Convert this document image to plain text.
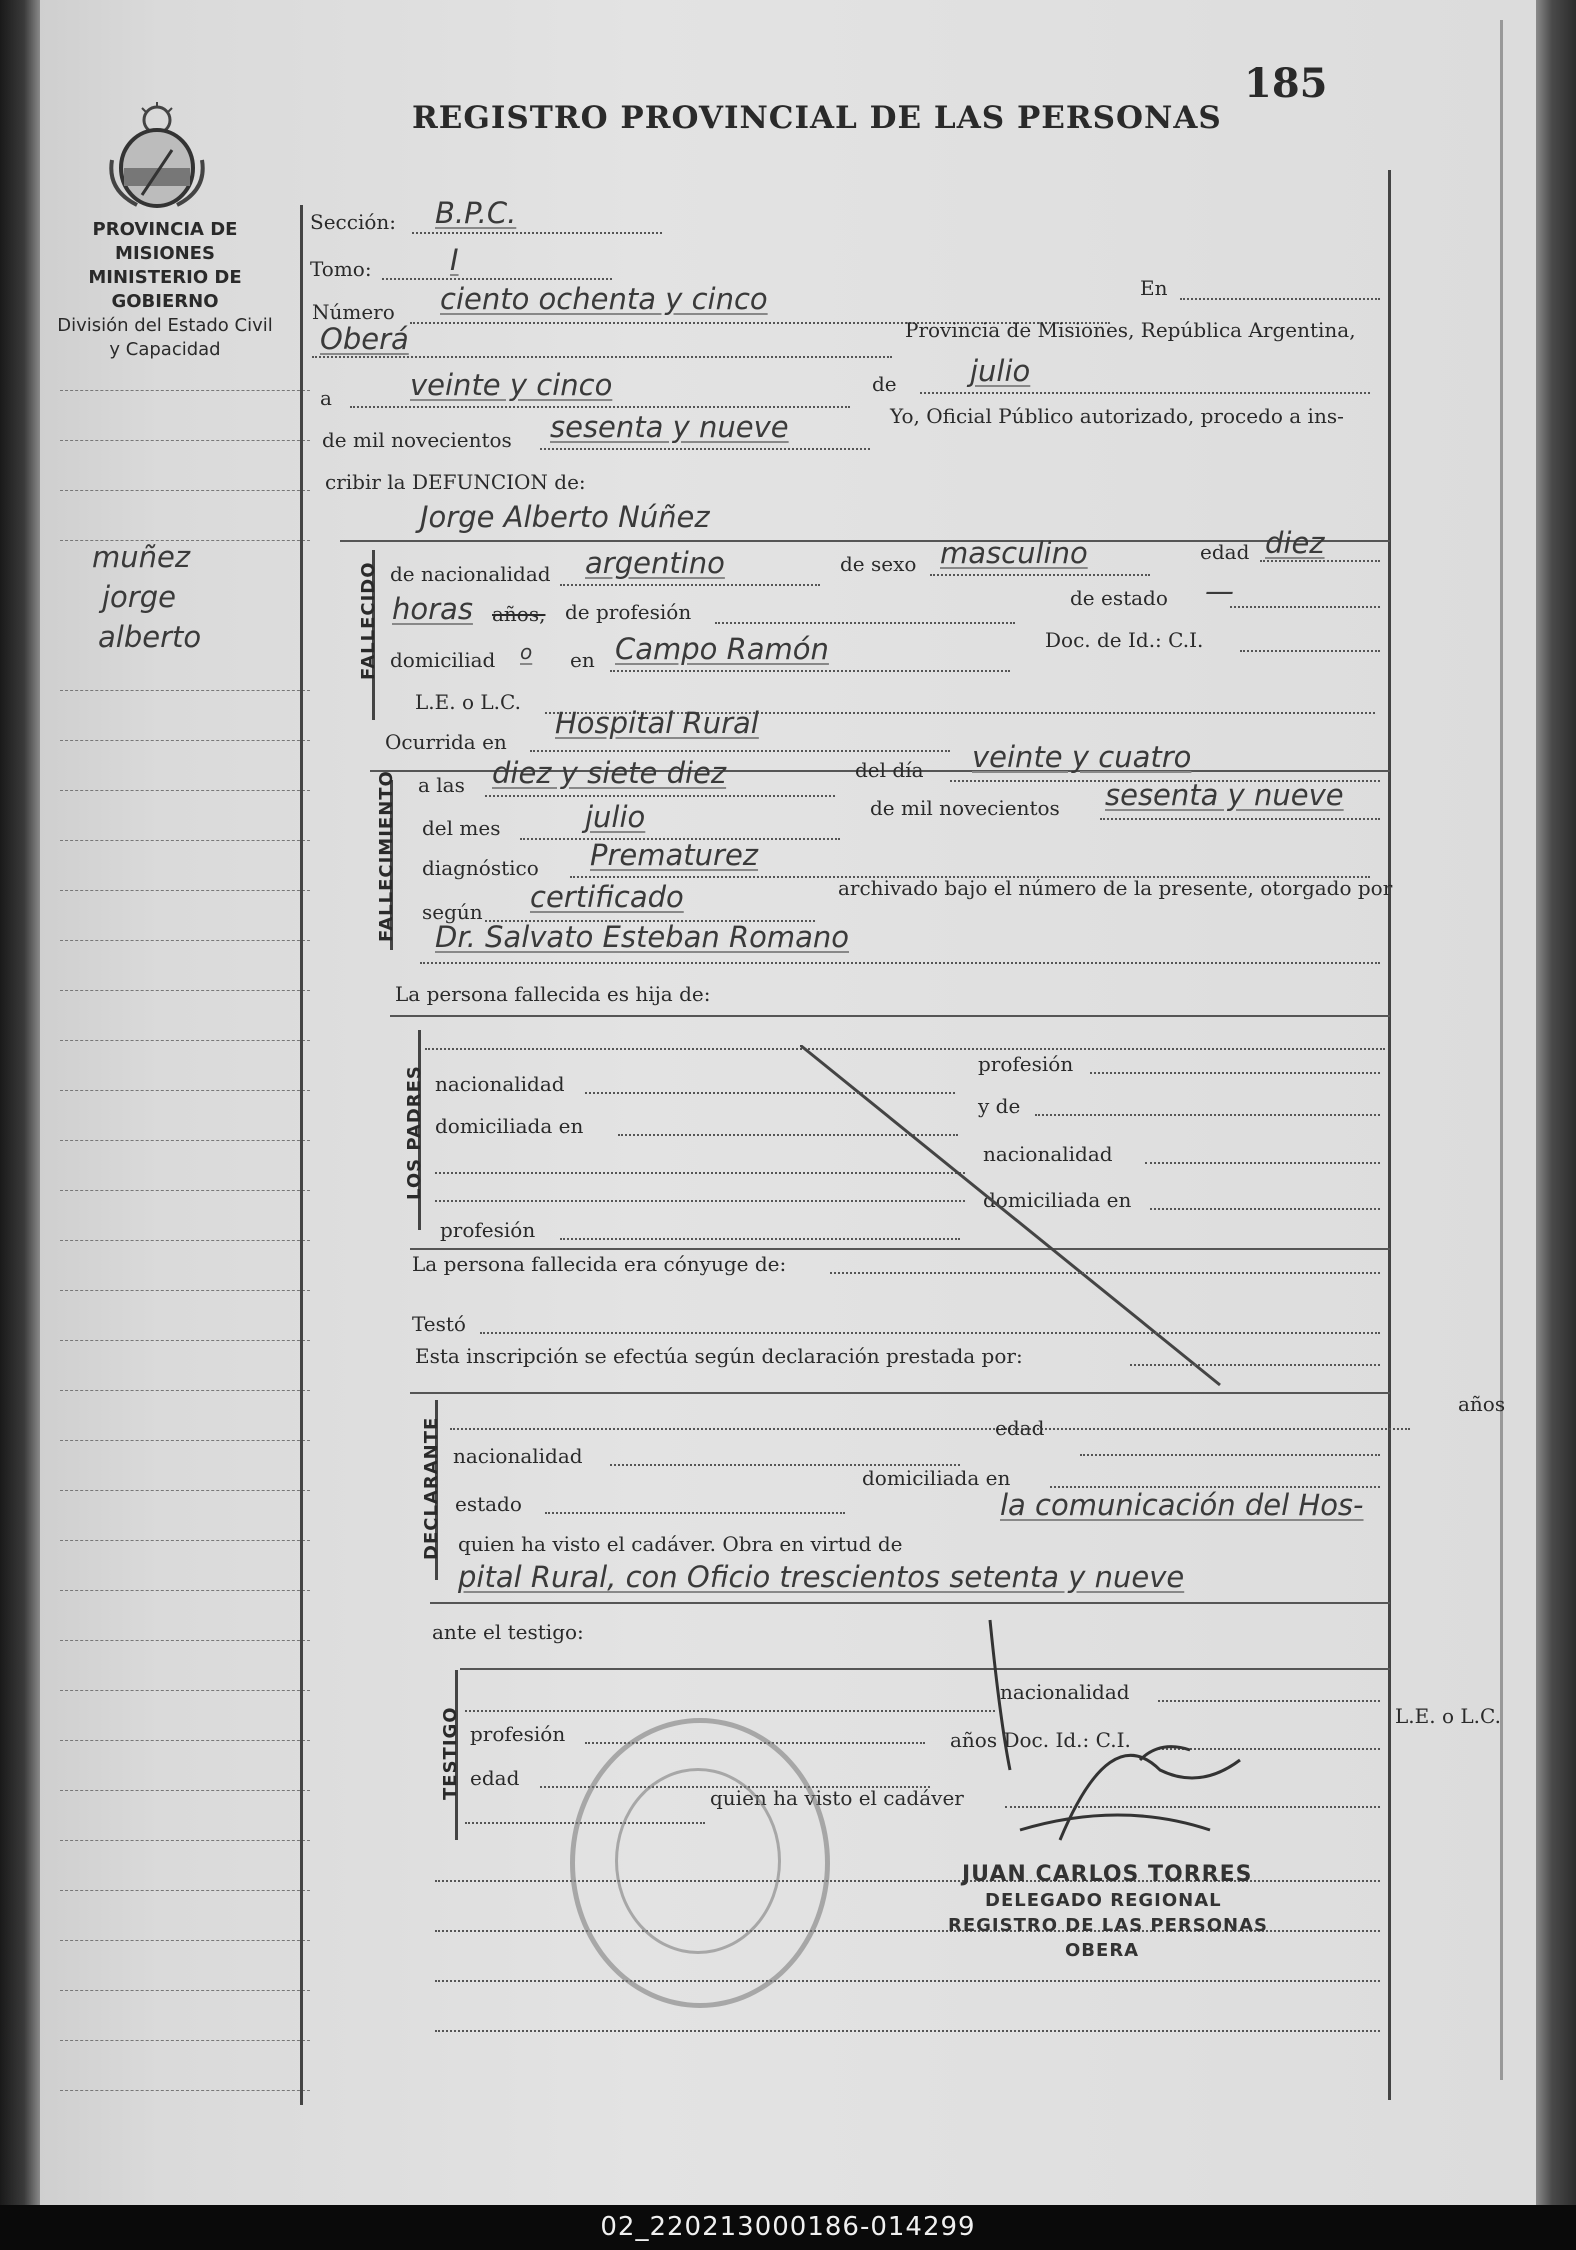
REGISTRO PROVINCIAL DE LAS PERSONAS
185
PROVINCIA DE MISIONES
MINISTERIO DE GOBIERNO
División del Estado Civil
y Capacidad
muñez
jorge
alberto
Sección: B.P.C.
Tomo:	I
Número ciento ochenta y cinco	En
Oberá	Provincia de Misiones, República Argentina,
a	veinte y cinco	de	julio
de mil novecientos sesenta y nueve	Yo, Oficial Público autorizado, procedo a ins-
cribir la DEFUNCION de:
Jorge Alberto Núñez
FALLECIDO de nacionalidad argentino	de sexo masculino	edad diez
horas años, de profesión
de estado —
domiciliad o en Campo Ramón	Doc. de Id.: C.I.
L.E. o L.C.
Ocurrida en
Hospital Rural
FALLECIMIENTO a las diez y siete diez	del día veinte y cuatro
del mes	julio	de mil novecientos sesenta y nueve
diagnóstico Prematurez
según certificado	archivado bajo el número de la presente, otorgado por
Dr. Salvato Esteban Romano
La persona fallecida es hija de:
LOS PADRES nacionalidad
profesión
domiciliada en
y de
nacionalidad
domiciliada en
profesión
La persona fallecida era cónyuge de:
Testó
Esta inscripción se efectúa según declaración prestada por:
DECLARANTE
años
edad
nacionalidad
estado
domiciliada en
quien ha visto el cadáver. Obra en virtud de
la comunicación del Hos-
pital Rural, con Oficio trescientos setenta y nueve
ante el testigo:
TESTIGO
nacionalidad
profesión
L.E. o L.C.
edad
años Doc. Id.: C.I.
quien ha visto el cadáver
JUAN CARLOS TORRES
DELEGADO REGIONAL
REGISTRO DE LAS PERSONAS
OBERA
02_220213000186-014299
